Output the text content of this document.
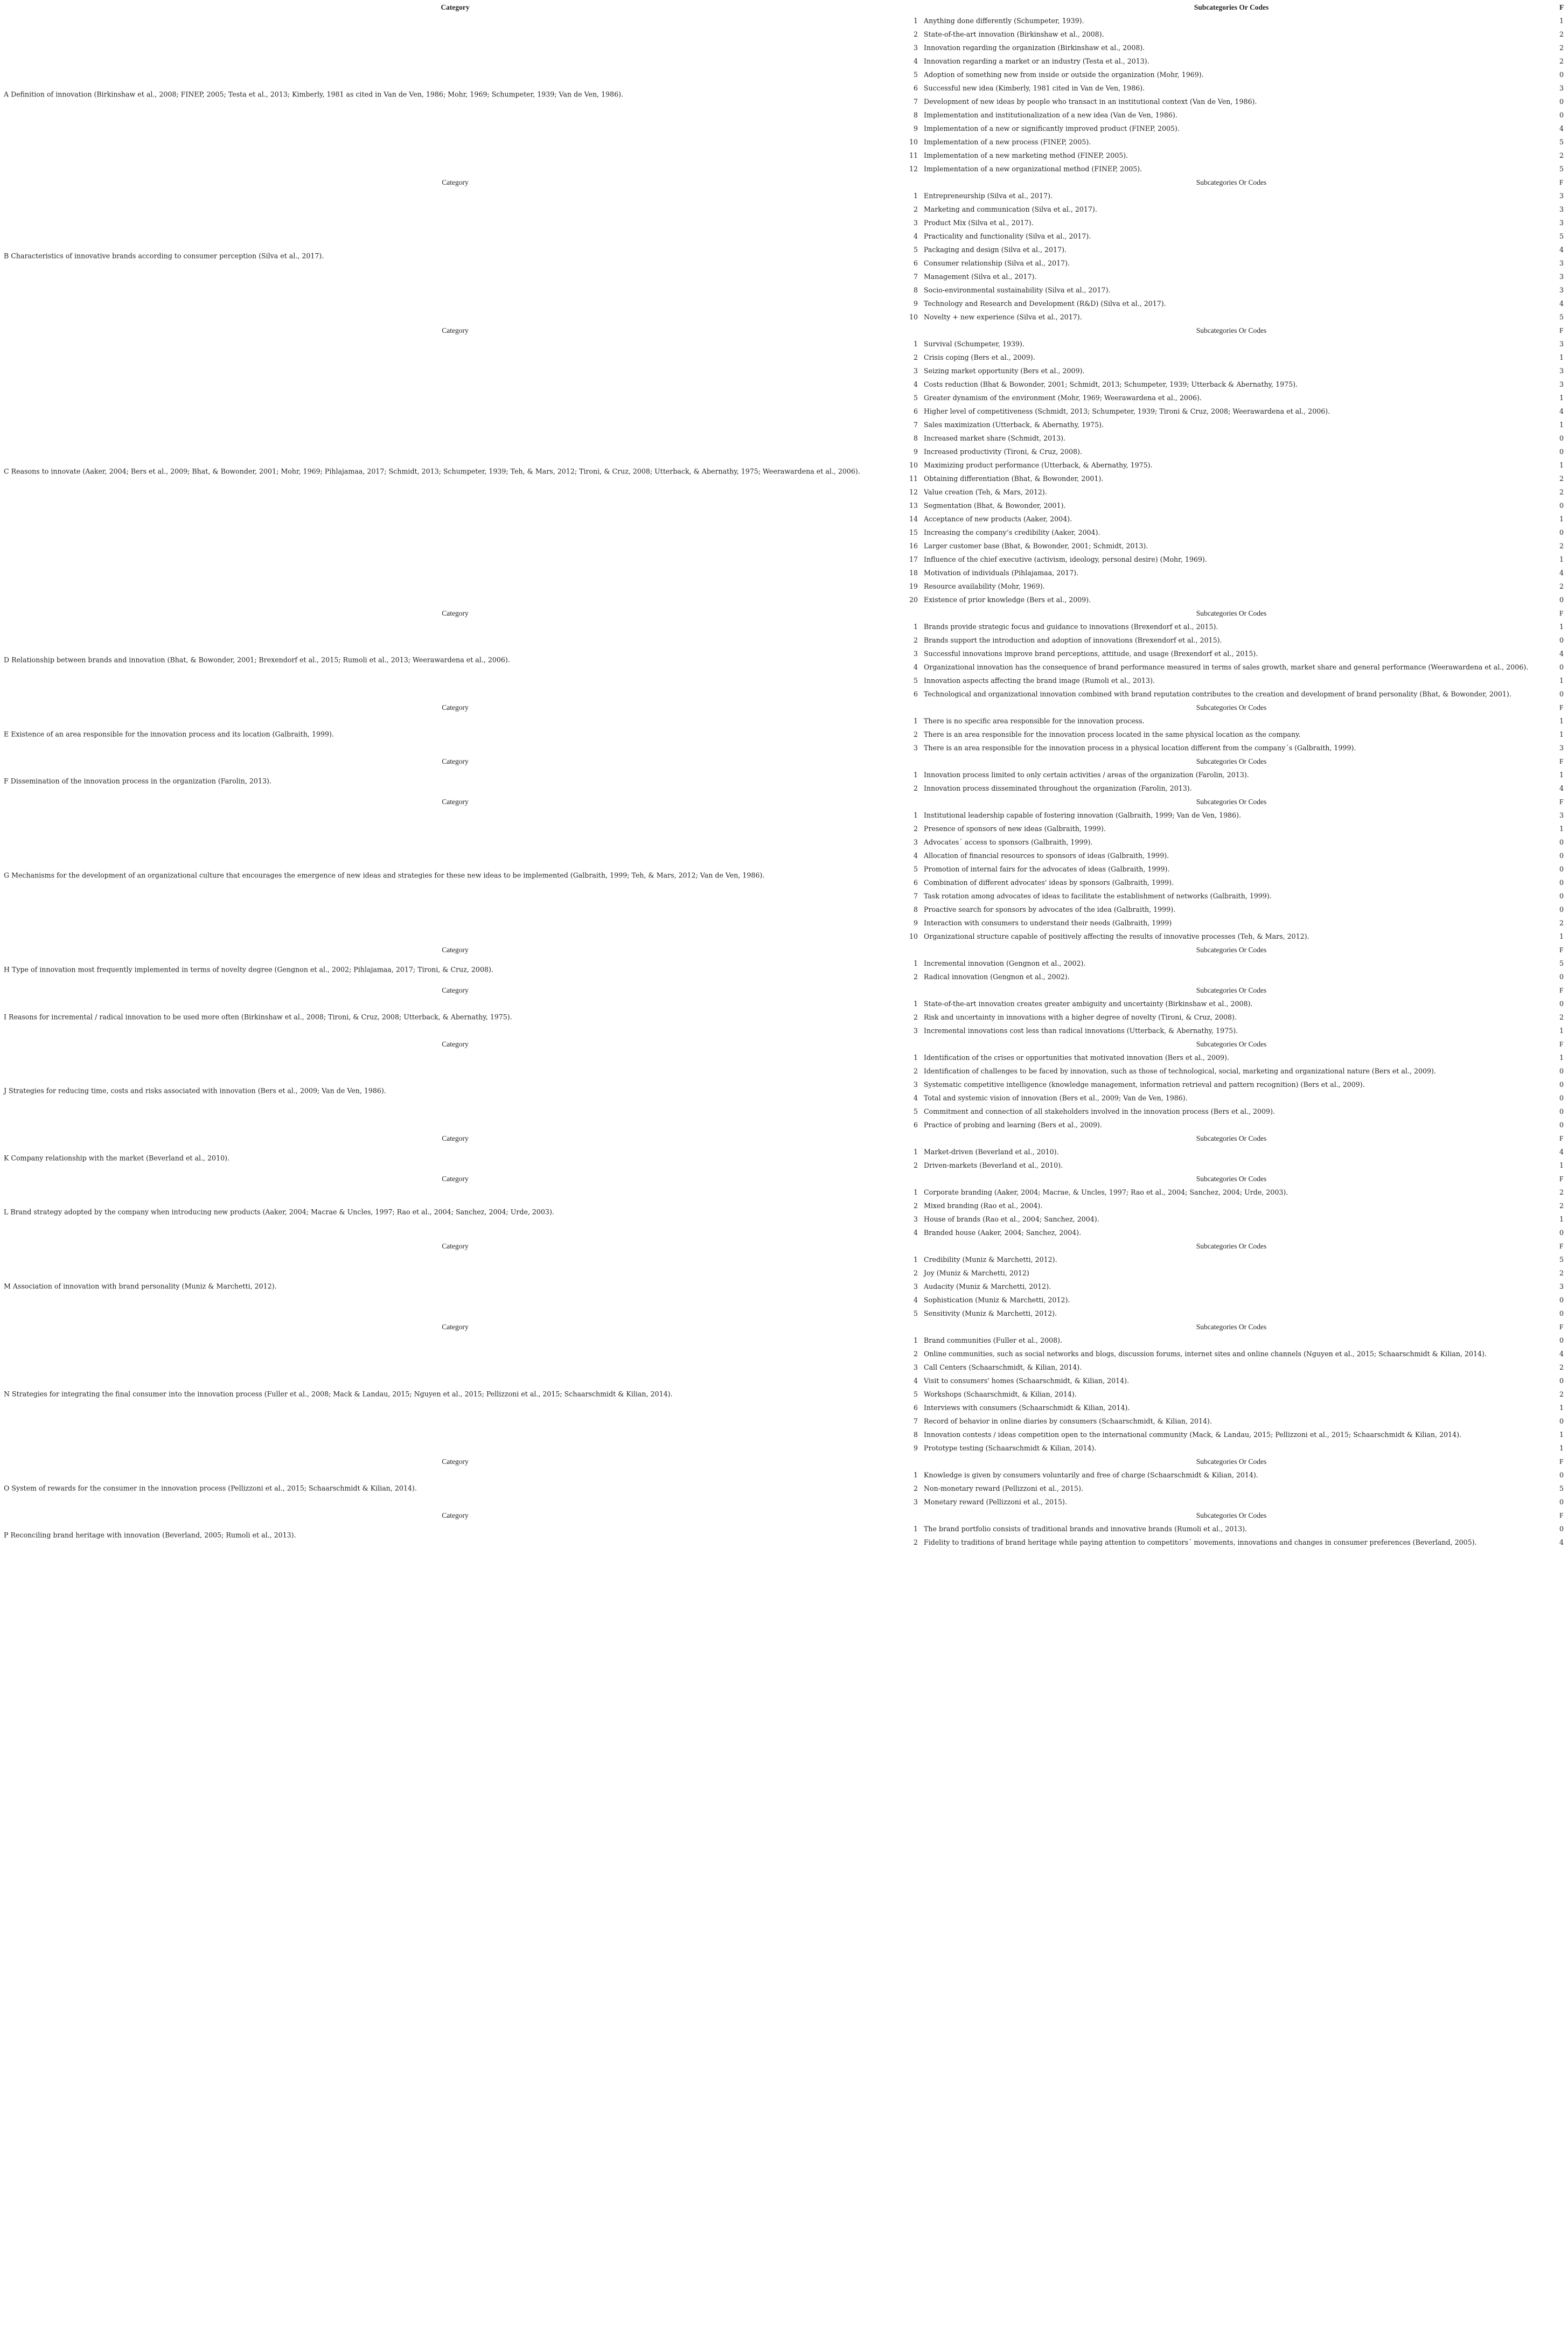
Category	Subcategories Or Codes	F
A Definition of innovation (Birkinshaw et al., 2008; FINEP, 2005; Testa et al., 2013; Kimberly, 1981 as cited in Van de Ven, 1986; Mohr, 1969; Schumpeter, 1939; Van de Ven, 1986).
1 Anything done differently (Schumpeter, 1939).	1
2 State-of-the-art innovation (Birkinshaw et al., 2008).	2
3 Innovation regarding the organization (Birkinshaw et al., 2008).	2
4 Innovation regarding a market or an industry (Testa et al., 2013).	2
5 Adoption of something new from inside or outside the organization (Mohr, 1969).	0
6 Successful new idea (Kimberly, 1981 cited in Van de Ven, 1986).	3
7 Development of new ideas by people who transact in an institutional context (Van de Ven, 1986).	0
8 Implementation and institutionalization of a new idea (Van de Ven, 1986).	0
9 Implementation of a new or significantly improved product (FINEP, 2005).	4
10 Implementation of a new process (FINEP, 2005).	5
11 Implementation of a new marketing method (FINEP, 2005).	2
12 Implementation of a new organizational method (FINEP, 2005).	5
Category	Subcategories Or Codes	F
B Characteristics of innovative brands according to consumer perception (Silva et al., 2017).
1 Entrepreneurship (Silva et al., 2017).	3
2 Marketing and communication (Silva et al., 2017).	3
3 Product Mix (Silva et al., 2017).	3
4 Practicality and functionality (Silva et al., 2017).	5
5 Packaging and design (Silva et al., 2017).	4
6 Consumer relationship (Silva et al., 2017).	3
7 Management (Silva et al., 2017).	3
8 Socio-environmental sustainability (Silva et al., 2017).	3
9 Technology and Research and Development (R&D) (Silva et al., 2017).	4
10 Novelty + new experience (Silva et al., 2017).	5
Category	Subcategories Or Codes	F
C Reasons to innovate (Aaker, 2004; Bers et al., 2009; Bhat, & Bowonder, 2001; Mohr, 1969; Pihlajamaa, 2017; Schmidt, 2013; Schumpeter, 1939; Teh, & Mars, 2012; Tironi, & Cruz, 2008; Utterback, & Abernathy, 1975; Weerawardena et al., 2006).
1 Survival (Schumpeter, 1939).	3
2 Crisis coping (Bers et al., 2009).	1
3 Seizing market opportunity (Bers et al., 2009).	3
4 Costs reduction (Bhat & Bowonder, 2001; Schmidt, 2013; Schumpeter, 1939; Utterback & Abernathy, 1975).	3
5 Greater dynamism of the environment (Mohr, 1969; Weerawardena et al., 2006).	1
6 Higher level of competitiveness (Schmidt, 2013; Schumpeter, 1939; Tironi & Cruz, 2008; Weerawardena et al., 2006).	4
7 Sales maximization (Utterback, & Abernathy, 1975).	1
8 Increased market share (Schmidt, 2013).	0
9 Increased productivity (Tironi, & Cruz, 2008).	0
10 Maximizing product performance (Utterback, & Abernathy, 1975).	1
11 Obtaining differentiation (Bhat, & Bowonder, 2001).	2
12 Value creation (Teh, & Mars, 2012).	2
13 Segmentation (Bhat, & Bowonder, 2001).	0
14 Acceptance of new products (Aaker, 2004).	1
15 Increasing the company’s credibility (Aaker, 2004).	0
16 Larger customer base (Bhat, & Bowonder, 2001; Schmidt, 2013).	2
17 Influence of the chief executive (activism, ideology, personal desire) (Mohr, 1969).	1
18 Motivation of individuals (Pihlajamaa, 2017).	4
19 Resource availability (Mohr, 1969).	2
20 Existence of prior knowledge (Bers et al., 2009).	0
Category	Subcategories Or Codes	F
D Relationship between brands and innovation (Bhat, & Bowonder, 2001; Brexendorf et al., 2015; Rumoli et al., 2013; Weerawardena et al., 2006).
1 Brands provide strategic focus and guidance to innovations (Brexendorf et al., 2015).	1
2 Brands support the introduction and adoption of innovations (Brexendorf et al., 2015).	0
3 Successful innovations improve brand perceptions, attitude, and usage (Brexendorf et al., 2015).	4
4 Organizational innovation has the consequence of brand performance measured in terms of sales growth, market share and general performance (Weerawardena et al., 2006).	0
5 Innovation aspects affecting the brand image (Rumoli et al., 2013).	1
6 Technological and organizational innovation combined with brand reputation contributes to the creation and development of brand personality (Bhat, & Bowonder, 2001).	0
Category	Subcategories Or Codes	F
E Existence of an area responsible for the innovation process and its location (Galbraith, 1999).
1 There is no specific area responsible for the innovation process.	1
2 There is an area responsible for the innovation process located in the same physical location as the company.	1
3 There is an area responsible for the innovation process in a physical location different from the company´s (Galbraith, 1999).	3
Category	Subcategories Or Codes	F
F Dissemination of the innovation process in the organization (Farolin, 2013).
1 Innovation process limited to only certain activities / areas of the organization (Farolin, 2013).	1
2 Innovation process disseminated throughout the organization (Farolin, 2013).	4
Category	Subcategories Or Codes	F
G Mechanisms for the development of an organizational culture that encourages the emergence of new ideas and strategies for these new ideas to be implemented (Galbraith, 1999; Teh, & Mars, 2012; Van de Ven, 1986).
1 Institutional leadership capable of fostering innovation (Galbraith, 1999; Van de Ven, 1986).	3
2 Presence of sponsors of new ideas (Galbraith, 1999).	1
3 Advocates´ access to sponsors (Galbraith, 1999).	0
4 Allocation of financial resources to sponsors of ideas (Galbraith, 1999).	0
5 Promotion of internal fairs for the advocates of ideas (Galbraith, 1999).	0
6 Combination of different advocates' ideas by sponsors (Galbraith, 1999).	0
7 Task rotation among advocates of ideas to facilitate the establishment of networks (Galbraith, 1999).	0
8 Proactive search for sponsors by advocates of the idea (Galbraith, 1999).	0
9 Interaction with consumers to understand their needs (Galbraith, 1999)	2
10 Organizational structure capable of positively affecting the results of innovative processes (Teh, & Mars, 2012).	1
Category	Subcategories Or Codes	F
H Type of innovation most frequently implemented in terms of novelty degree (Gengnon et al., 2002; Pihlajamaa, 2017; Tironi, & Cruz, 2008).
1 Incremental innovation (Gengnon et al., 2002).	5
2 Radical innovation (Gengnon et al., 2002).	0
Category	Subcategories Or Codes	F
I Reasons for incremental / radical innovation to be used more often (Birkinshaw et al., 2008; Tironi, & Cruz, 2008; Utterback, & Abernathy, 1975).
1 State-of-the-art innovation creates greater ambiguity and uncertainty (Birkinshaw et al., 2008).	0
2 Risk and uncertainty in innovations with a higher degree of novelty (Tironi, & Cruz, 2008).	2
3 Incremental innovations cost less than radical innovations (Utterback, & Abernathy, 1975).	1
Category	Subcategories Or Codes	F
J Strategies for reducing time, costs and risks associated with innovation (Bers et al., 2009; Van de Ven, 1986).
1 Identification of the crises or opportunities that motivated innovation (Bers et al., 2009).	1
2 Identification of challenges to be faced by innovation, such as those of technological, social, marketing and organizational nature (Bers et al., 2009).	0
3 Systematic competitive intelligence (knowledge management, information retrieval and pattern recognition) (Bers et al., 2009).	0
4 Total and systemic vision of innovation (Bers et al., 2009; Van de Ven, 1986).	0
5 Commitment and connection of all stakeholders involved in the innovation process (Bers et al., 2009).	0
6 Practice of probing and learning (Bers et al., 2009).	0
Category	Subcategories Or Codes	F
K Company relationship with the market (Beverland et al., 2010).
1 Market-driven (Beverland et al., 2010).	4
2 Driven-markets (Beverland et al., 2010).	1
Category	Subcategories Or Codes	F
L Brand strategy adopted by the company when introducing new products (Aaker, 2004; Macrae & Uncles, 1997; Rao et al., 2004; Sanchez, 2004; Urde, 2003).
1 Corporate branding (Aaker, 2004; Macrae, & Uncles, 1997; Rao et al., 2004; Sanchez, 2004; Urde, 2003).	2
2 Mixed branding (Rao et al., 2004).	2
3 House of brands (Rao et al., 2004; Sanchez, 2004).	1
4 Branded house (Aaker, 2004; Sanchez, 2004).	0
Category	Subcategories Or Codes	F
M Association of innovation with brand personality (Muniz & Marchetti, 2012).
1 Credibility (Muniz & Marchetti, 2012).	5
2 Joy (Muniz & Marchetti, 2012)	2
3 Audacity (Muniz & Marchetti, 2012).	3
4 Sophistication (Muniz & Marchetti, 2012).	0
5 Sensitivity (Muniz & Marchetti, 2012).	0
Category	Subcategories Or Codes	F
N Strategies for integrating the final consumer into the innovation process (Fuller et al., 2008; Mack & Landau, 2015; Nguyen et al., 2015; Pellizzoni et al., 2015; Schaarschmidt & Kilian, 2014).
1 Brand communities (Fuller et al., 2008).	0
2 Online communities, such as social networks and blogs, discussion forums, internet sites and online channels (Nguyen et al., 2015; Schaarschmidt & Kilian, 2014).	4
3 Call Centers (Schaarschmidt, & Kilian, 2014).	2
4 Visit to consumers' homes (Schaarschmidt, & Kilian, 2014).	0
5 Workshops (Schaarschmidt, & Kilian, 2014).	2
6 Interviews with consumers (Schaarschmidt & Kilian, 2014).	1
7 Record of behavior in online diaries by consumers (Schaarschmidt, & Kilian, 2014).	0
8 Innovation contests / ideas competition open to the international community (Mack, & Landau, 2015; Pellizzoni et al., 2015; Schaarschmidt & Kilian, 2014).	1
9 Prototype testing (Schaarschmidt & Kilian, 2014).	1
Category	Subcategories Or Codes	F
O System of rewards for the consumer in the innovation process (Pellizzoni et al., 2015; Schaarschmidt & Kilian, 2014).
1 Knowledge is given by consumers voluntarily and free of charge (Schaarschmidt & Kilian, 2014).	0
2 Non-monetary reward (Pellizzoni et al., 2015).	5
3 Monetary reward (Pellizzoni et al., 2015).	0
Category	Subcategories Or Codes	F
P Reconciling brand heritage with innovation (Beverland, 2005; Rumoli et al., 2013).
1 The brand portfolio consists of traditional brands and innovative brands (Rumoli et al., 2013).	0
2 Fidelity to traditions of brand heritage while paying attention to competitors´ movements, innovations and changes in consumer preferences (Beverland, 2005).	4
